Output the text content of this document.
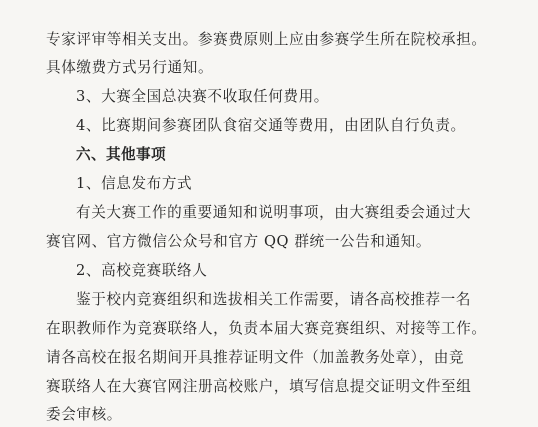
专家评审等相关支出。参赛费原则上应由参赛学生所在院校承担。
具体缴费方式另行通知。
3、大赛全国总决赛不收取任何费用。
4、比赛期间参赛团队食宿交通等费用，由团队自行负责。
六、其他事项
1、信息发布方式
有关大赛工作的重要通知和说明事项，由大赛组委会通过大
赛官网、官方微信公众号和官方 QQ 群统一公告和通知。
2、高校竞赛联络人
鉴于校内竞赛组织和选拔相关工作需要，请各高校推荐一名
在职教师作为竞赛联络人，负责本届大赛竞赛组织、对接等工作。
请各高校在报名期间开具推荐证明文件（加盖教务处章），由竞
赛联络人在大赛官网注册高校账户，填写信息提交证明文件至组
委会审核。
